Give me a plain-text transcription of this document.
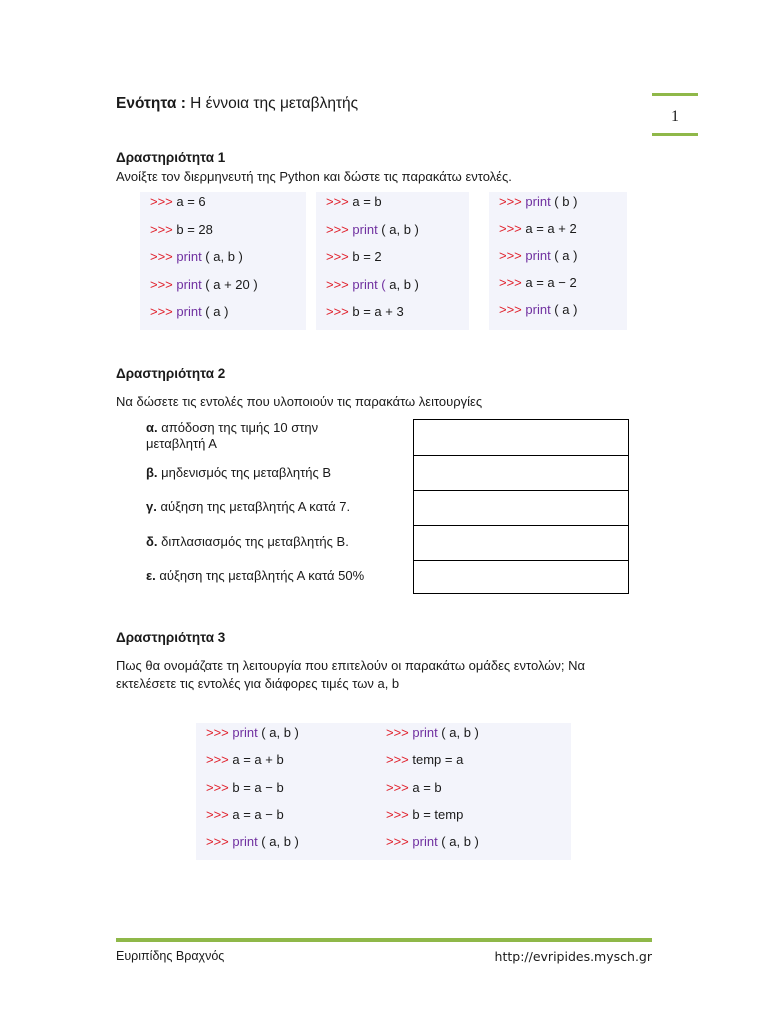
Ενότητα : Η έννοια της μεταβλητής
1
Δραστηριότητα 1
Ανοίξτε τον διερμηνευτή της Python και δώστε τις παρακάτω εντολές.
>>> a = 6
>>> b = 28
>>> print ( a, b )
>>> print ( a + 20 )
>>> print ( a )
>>> a = b
>>> print ( a, b )
>>> b = 2
>>> print ( a, b )
>>> b = a + 3
>>> print ( b )
>>> a = a + 2
>>> print ( a )
>>> a = a − 2
>>> print ( a )
Δραστηριότητα 2
Να δώσετε τις εντολές που υλοποιούν τις παρακάτω λειτουργίες
α. απόδοση της τιμής 10 στην
μεταβλητή Α
β. μηδενισμός της μεταβλητής Β
γ. αύξηση της μεταβλητής Α κατά 7.
δ. διπλασιασμός της μεταβλητής Β.
ε. αύξηση της μεταβλητής Α κατά 50%
Δραστηριότητα 3
Πως θα ονομάζατε τη λειτουργία που επιτελούν οι παρακάτω ομάδες εντολών; Να
εκτελέσετε τις εντολές για διάφορες τιμές των a, b
>>> print ( a, b )
>>> a = a + b
>>> b = a − b
>>> a = a − b
>>> print ( a, b )
>>> print ( a, b )
>>> temp = a
>>> a = b
>>> b = temp
>>> print ( a, b )
Ευριπίδης Βραχνός	http://evripides.mysch.gr
